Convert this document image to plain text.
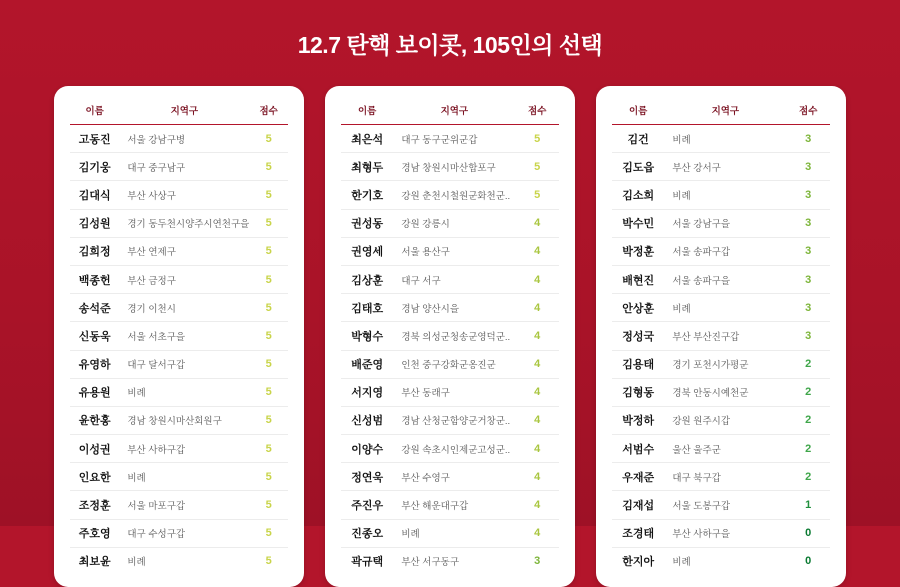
12.7 탄핵 보이콧, 105인의 선택
이름	지역구	점수
고동진	서울 강남구병	5
김기웅	대구 중구남구	5
김대식	부산 사상구	5
김성원	경기 동두천시양주시연천구을	5
김희정	부산 연제구	5
백종헌	부산 금정구	5
송석준	경기 이천시	5
신동욱	서울 서초구을	5
유영하	대구 달서구갑	5
유용원	비례	5
윤한홍	경남 창원시마산회원구	5
이성권	부산 사하구갑	5
인요한	비례	5
조정훈	서울 마포구갑	5
주호영	대구 수성구갑	5
최보윤	비례	5
이름	지역구	점수
최은석	대구 동구군위군갑	5
최형두	경남 창원시마산합포구	5
한기호	강원 춘천시철원군화천군..	5
권성동	강원 강릉시	4
권영세	서울 용산구	4
김상훈	대구 서구	4
김태호	경남 양산시을	4
박형수	경북 의성군청송군영덕군..	4
배준영	인천 중구강화군옹진군	4
서지영	부산 동래구	4
신성범	경남 산청군함양군거창군..	4
이양수	강원 속초시인제군고성군..	4
정연욱	부산 수영구	4
주진우	부산 해운대구갑	4
진종오	비례	4
곽규택	부산 서구동구	3
이름	지역구	점수
김건	비례	3
김도읍	부산 강서구	3
김소희	비례	3
박수민	서울 강남구을	3
박정훈	서울 송파구갑	3
배현진	서울 송파구을	3
안상훈	비례	3
정성국	부산 부산진구갑	3
김용태	경기 포천시가평군	2
김형동	경북 안동시예천군	2
박정하	강원 원주시갑	2
서범수	울산 울주군	2
우재준	대구 북구갑	2
김재섭	서울 도봉구갑	1
조경태	부산 사하구을	0
한지아	비례	0
